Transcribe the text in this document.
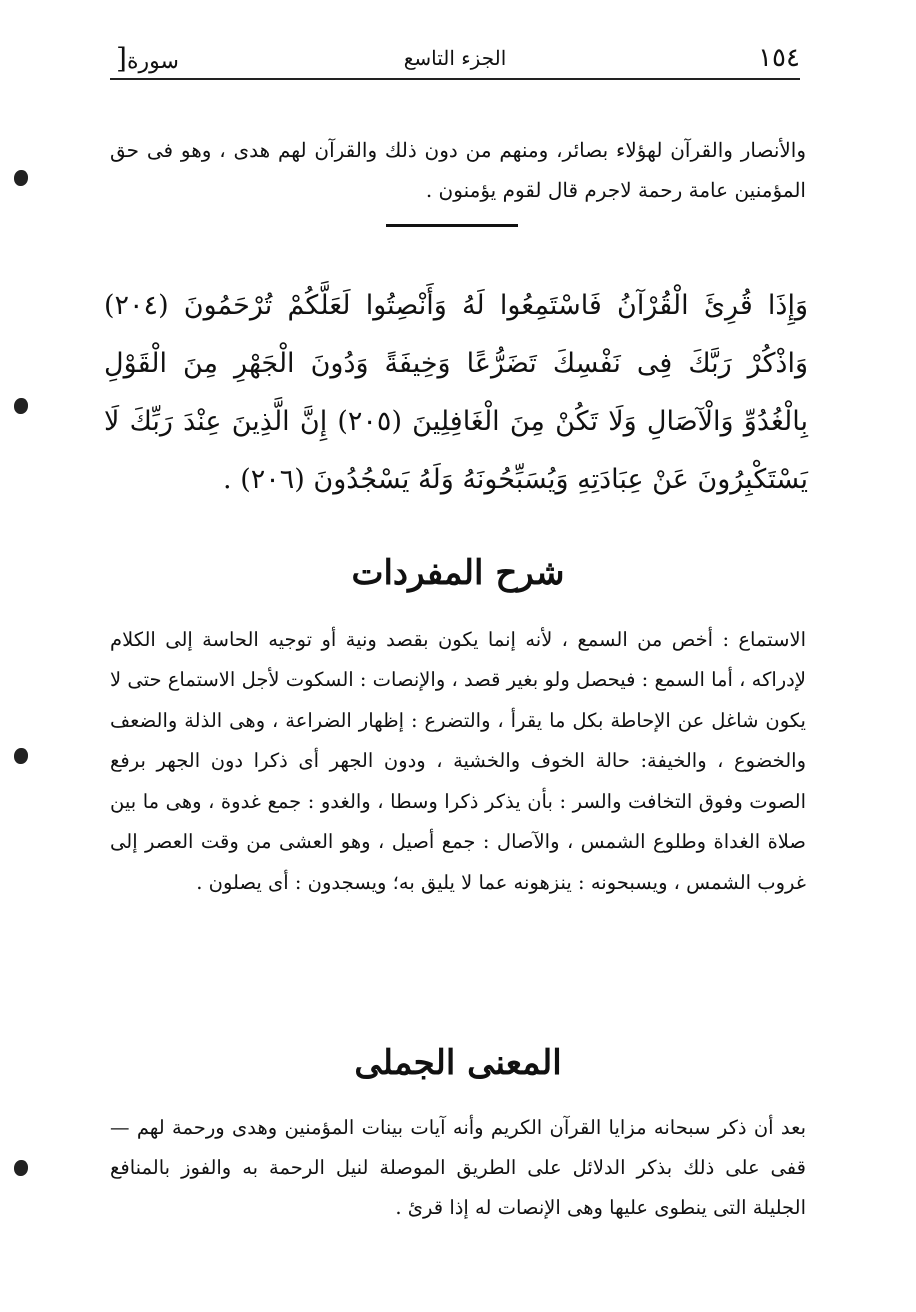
١٥٤
الجزء التاسع
سورة[

والأنصار والقرآن لهؤلاء بصائر، ومنهم من دون ذلك والقرآن لهم هدى ، وهو فى حق المؤمنين عامة رحمة لاجرم قال لقوم يؤمنون .

وَإِذَا قُرِئَ الْقُرْآنُ فَاسْتَمِعُوا لَهُ وَأَنْصِتُوا لَعَلَّكُمْ تُرْحَمُونَ (٢٠٤) وَاذْكُرْ رَبَّكَ فِى نَفْسِكَ تَضَرُّعًا وَخِيفَةً وَدُونَ الْجَهْرِ مِنَ الْقَوْلِ بِالْغُدُوِّ وَالْآصَالِ وَلَا تَكُنْ مِنَ الْغَافِلِينَ (٢٠٥) إِنَّ الَّذِينَ عِنْدَ رَبِّكَ لَا يَسْتَكْبِرُونَ عَنْ عِبَادَتِهِ وَيُسَبِّحُونَهُ وَلَهُ يَسْجُدُونَ (٢٠٦) .

شرح المفردات

الاستماع : أخص من السمع ، لأنه إنما يكون بقصد ونية أو توجيه الحاسة إلى الكلام لإدراكه ، أما السمع : فيحصل ولو بغير قصد ، والإنصات : السكوت لأجل الاستماع حتى لا يكون شاغل عن الإحاطة بكل ما يقرأ ، والتضرع : إظهار الضراعة ، وهى الذلة والضعف والخضوع ، والخيفة: حالة الخوف والخشية ، ودون الجهر أى ذكرا دون الجهر برفع الصوت وفوق التخافت والسر : بأن يذكر ذكرا وسطا ، والغدو : جمع غدوة ، وهى ما بين صلاة الغداة وطلوع الشمس ، والآصال : جمع أصيل ، وهو العشى من وقت العصر إلى غروب الشمس ، ويسبحونه : ينزهونه عما لا يليق به؛ ويسجدون : أى يصلون .

المعنى الجملى

بعد أن ذكر سبحانه مزايا القرآن الكريم وأنه آيات بينات المؤمنين وهدى ورحمة لهم — قفى على ذلك بذكر الدلائل على الطريق الموصلة لنيل الرحمة به والفوز بالمنافع الجليلة التى ينطوى عليها وهى الإنصات له إذا قرئ .
